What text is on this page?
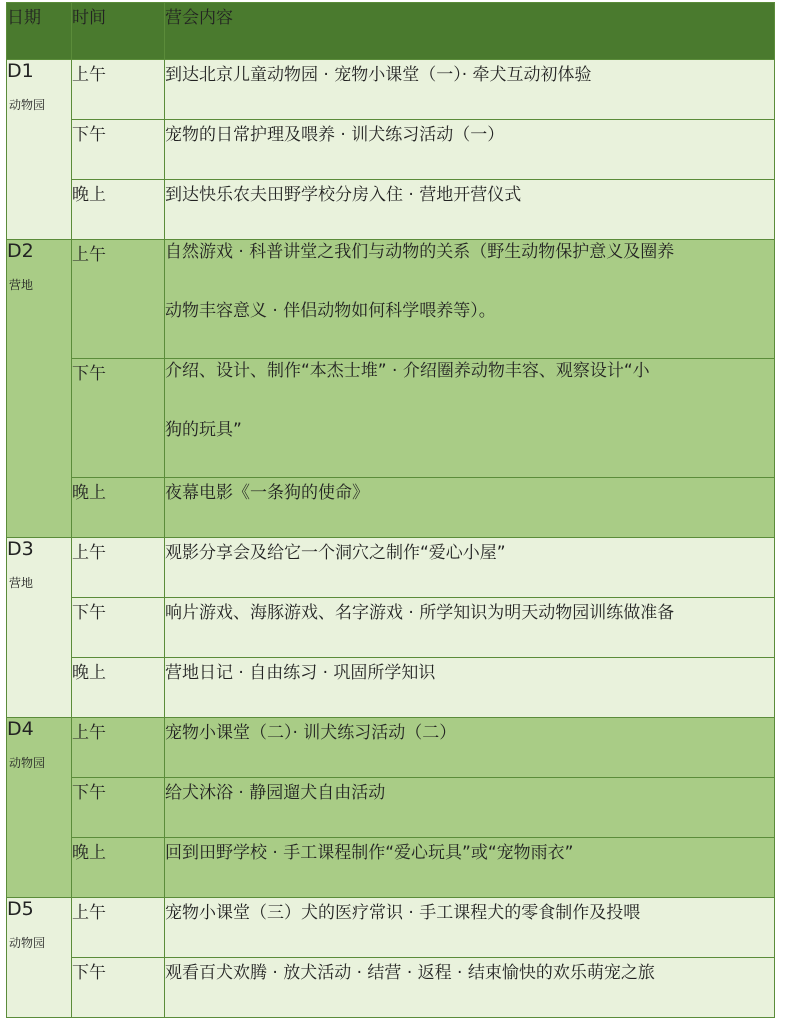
日期	时间	营会内容

D1
动物园	上午	到达北京儿童动物园 · 宠物小课堂（一）· 牵犬互动初体验
	下午	宠物的日常护理及喂养 · 训犬练习活动（一）
	晚上	到达快乐农夫田野学校分房入住 · 营地开营仪式

D2
营地	上午	自然游戏 · 科普讲堂之我们与动物的关系（野生动物保护意义及圈养
动物丰容意义 · 伴侣动物如何科学喂养等）。

	下午	介绍、设计、制作“本杰士堆” · 介绍圈养动物丰容、观察设计“小
狗的玩具”

	晚上	夜幕电影《一条狗的使命》

D3
营地	上午	观影分享会及给它一个洞穴之制作“爱心小屋”
	下午	响片游戏、海豚游戏、名字游戏 · 所学知识为明天动物园训练做准备
	晚上	营地日记 · 自由练习 · 巩固所学知识

D4
动物园	上午	宠物小课堂（二）· 训犬练习活动（二）
	下午	给犬沐浴 · 静园遛犬自由活动
	晚上	回到田野学校 · 手工课程制作“爱心玩具”或“宠物雨衣”

D5
动物园	上午	宠物小课堂（三）犬的医疗常识 · 手工课程犬的零食制作及投喂
	下午	观看百犬欢腾 · 放犬活动 · 结营 · 返程 · 结束愉快的欢乐萌宠之旅
